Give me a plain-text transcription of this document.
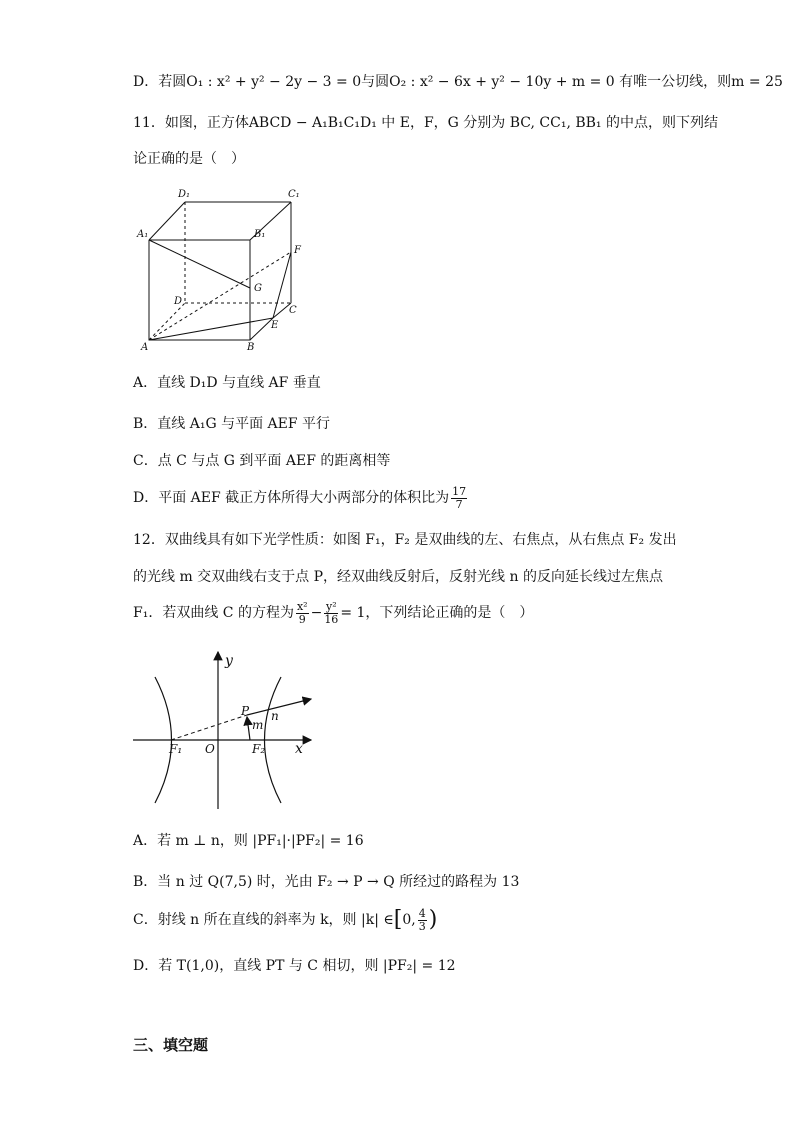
D．若圆O₁ : x² + y² − 2y − 3 = 0与圆O₂ : x² − 6x + y² − 10y + m = 0 有唯一公切线，则m = 25
11．如图，正方体ABCD − A₁B₁C₁D₁ 中 E，F，G 分别为 BC, CC₁, BB₁ 的中点，则下列结
论正确的是（　）
D₁	C₁
A₁	B₁
F
G
D
C
E
A	B
A．直线 D₁D 与直线 AF 垂直
B．直线 A₁G 与平面 AEF 平行
C．点 C 与点 G 到平面 AEF 的距离相等
D．平面 AEF 截正方体所得大小两部分的体积比为 $\frac{17}{7}$
12．双曲线具有如下光学性质：如图 F₁，F₂ 是双曲线的左、右焦点，从右焦点 F₂ 发出
的光线 m 交双曲线右支于点 P，经双曲线反射后，反射光线 n 的反向延长线过左焦点
F₁．若双曲线 C 的方程为 $\frac{\text{x²}}{9} - \frac{\text{y²}}{16} = 1$，下列结论正确的是（　）
y
x
O
F₁	F₂
P
m
n
A．若 m ⊥ n，则 |PF₁|·|PF₂| = 16
B．当 n 过 Q(7,5) 时，光由 F₂ → P → Q 所经过的路程为 13
C．射线 n 所在直线的斜率为 k，则 |k| ∈[0, $\frac{4}{3}$ )
D．若 T(1,0)，直线 PT 与 C 相切，则 |PF₂| = 12
三、填空题
